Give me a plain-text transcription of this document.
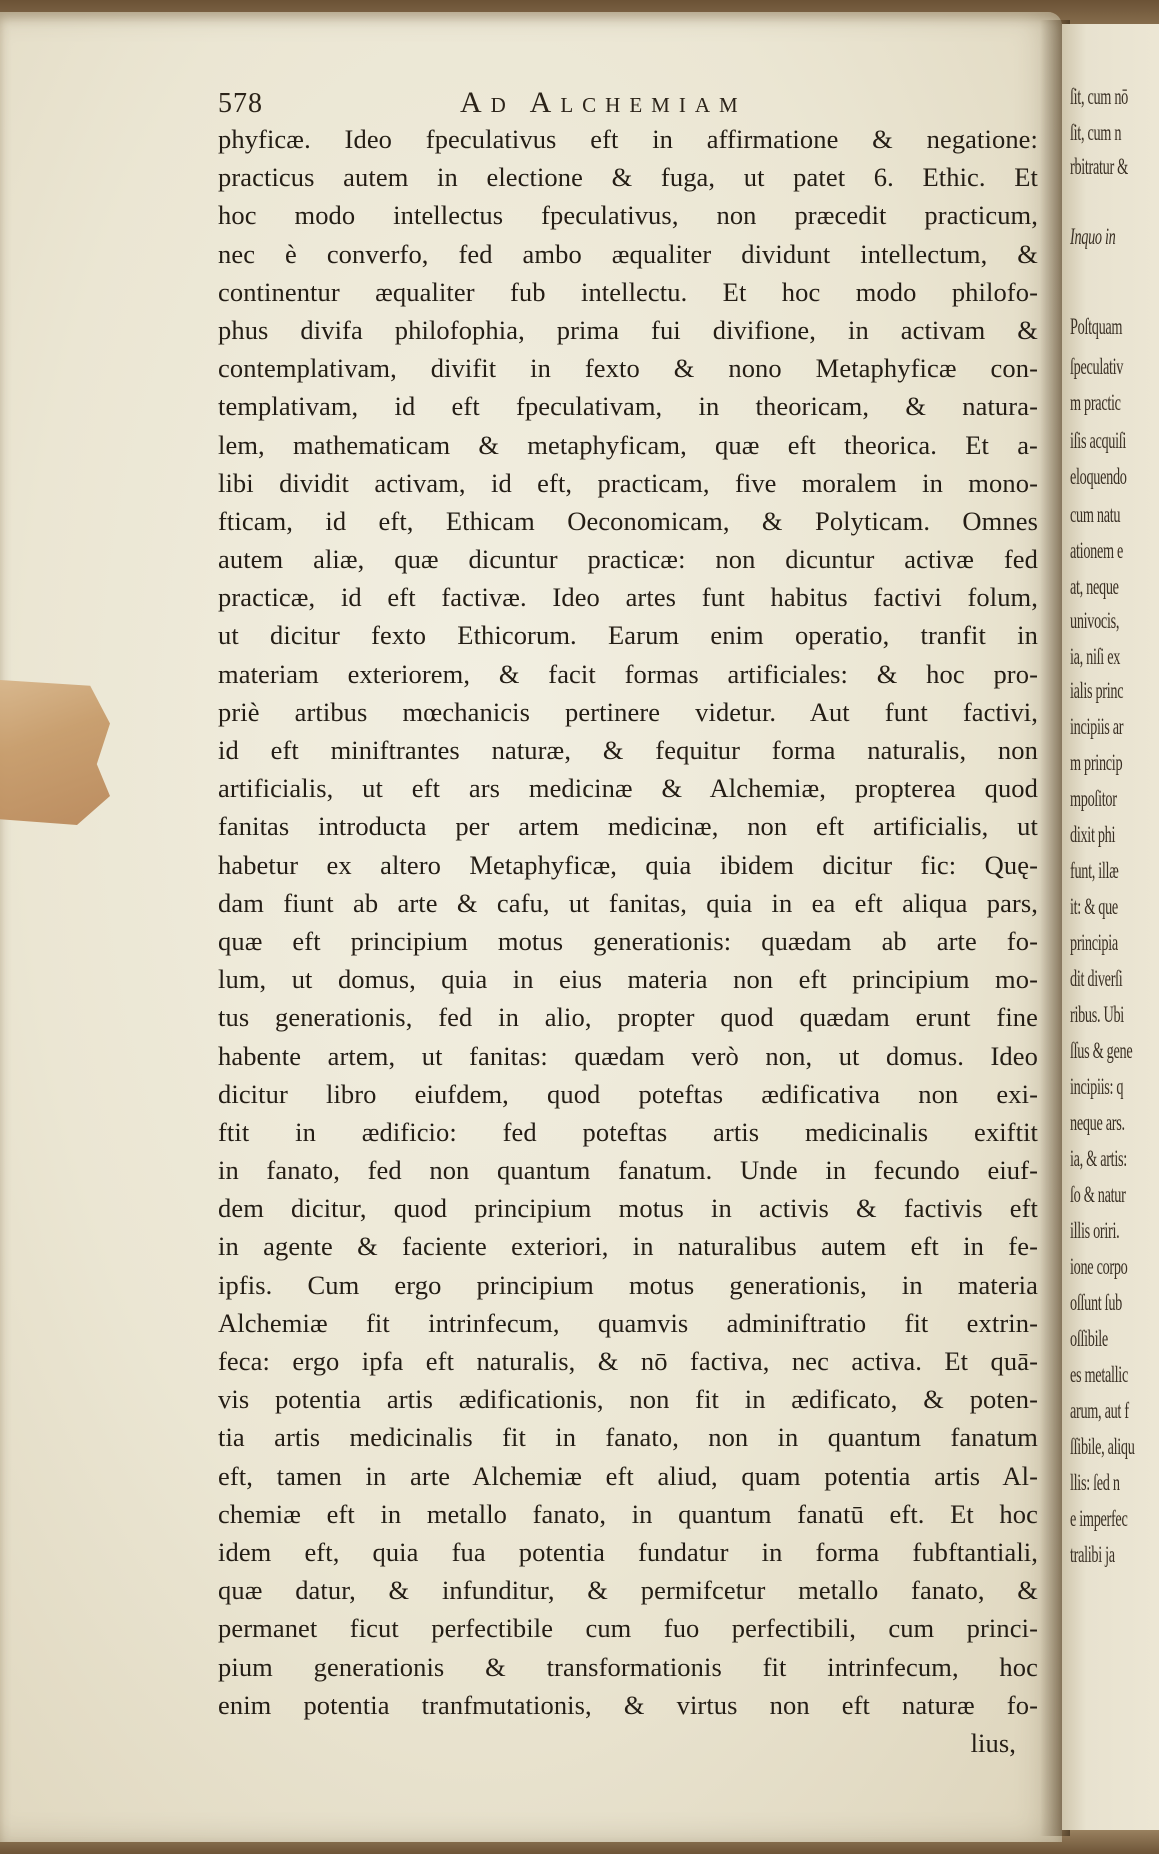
578	Ad Alchemiam
phyficæ. Ideo fpeculativus eft in affirmatione & negatione:
practicus autem in electione & fuga, ut patet 6. Ethic. Et
hoc modo intellectus fpeculativus, non præcedit practicum,
nec è converfo, fed ambo æqualiter dividunt intellectum, &
continentur æqualiter fub intellectu. Et hoc modo philofo-
phus divifa philofophia, prima fui divifione, in activam &
contemplativam, divifit in fexto & nono Metaphyficæ con-
templativam, id eft fpeculativam, in theoricam, & natura-
lem, mathematicam & metaphyficam, quæ eft theorica. Et a-
libi dividit activam, id eft, practicam, five moralem in mono-
fticam, id eft, Ethicam Oeconomicam, & Polyticam. Omnes
autem aliæ, quæ dicuntur practicæ: non dicuntur activæ fed
practicæ, id eft factivæ. Ideo artes funt habitus factivi folum,
ut dicitur fexto Ethicorum. Earum enim operatio, tranfit in
materiam exteriorem, & facit formas artificiales: & hoc pro-
priè artibus mœchanicis pertinere videtur. Aut funt factivi,
id eft miniftrantes naturæ, & fequitur forma naturalis, non
artificialis, ut eft ars medicinæ & Alchemiæ, propterea quod
fanitas introducta per artem medicinæ, non eft artificialis, ut
habetur ex altero Metaphyficæ, quia ibidem dicitur fic: Quę-
dam fiunt ab arte & cafu, ut fanitas, quia in ea eft aliqua pars,
quæ eft principium motus generationis: quædam ab arte fo-
lum, ut domus, quia in eius materia non eft principium mo-
tus generationis, fed in alio, propter quod quædam erunt fine
habente artem, ut fanitas: quædam verò non, ut domus. Ideo
dicitur libro eiufdem, quod poteftas ædificativa non exi-
ftit in ædificio: fed poteftas artis medicinalis exiftit
in fanato, fed non quantum fanatum. Unde in fecundo eiuf-
dem dicitur, quod principium motus in activis & factivis eft
in agente & faciente exteriori, in naturalibus autem eft in fe-
ipfis. Cum ergo principium motus generationis, in materia
Alchemiæ fit intrinfecum, quamvis adminiftratio fit extrin-
feca: ergo ipfa eft naturalis, & nō factiva, nec activa. Et quā-
vis potentia artis ædificationis, non fit in ædificato, & poten-
tia artis medicinalis fit in fanato, non in quantum fanatum
eft, tamen in arte Alchemiæ eft aliud, quam potentia artis Al-
chemiæ eft in metallo fanato, in quantum fanatū eft. Et hoc
idem eft, quia fua potentia fundatur in forma fubftantiali,
quæ datur, & infunditur, & permifcetur metallo fanato, &
permanet ficut perfectibile cum fuo perfectibili, cum princi-
pium generationis & transformationis fit intrinfecum, hoc
enim potentia tranfmutationis, & virtus non eft naturæ fo-
lius,
ſit, cum nō
ſit, cum n
rbitratur &
Inquo in
Poſtquam
ſpeculativ
m practic
iſis acquiſi
eloquendo
cum natu
ationem e
at, neque
univocis,
ia, niſi ex
ialis princ
incipiis ar
m princip
mpoſitor
dixit phi
funt, illæ
it: & que
principia
dit diverſi
ribus. Ubi
ſſus & gene
incipiis: q
neque ars.
ia, & artis:
ſo & natur
illis oriri.
ione corpo
oſſunt ſub
oſſibile
es metallic
arum, aut f
ſſibile, aliqu
llis: ſed n
e imperfec
tralibi ja
